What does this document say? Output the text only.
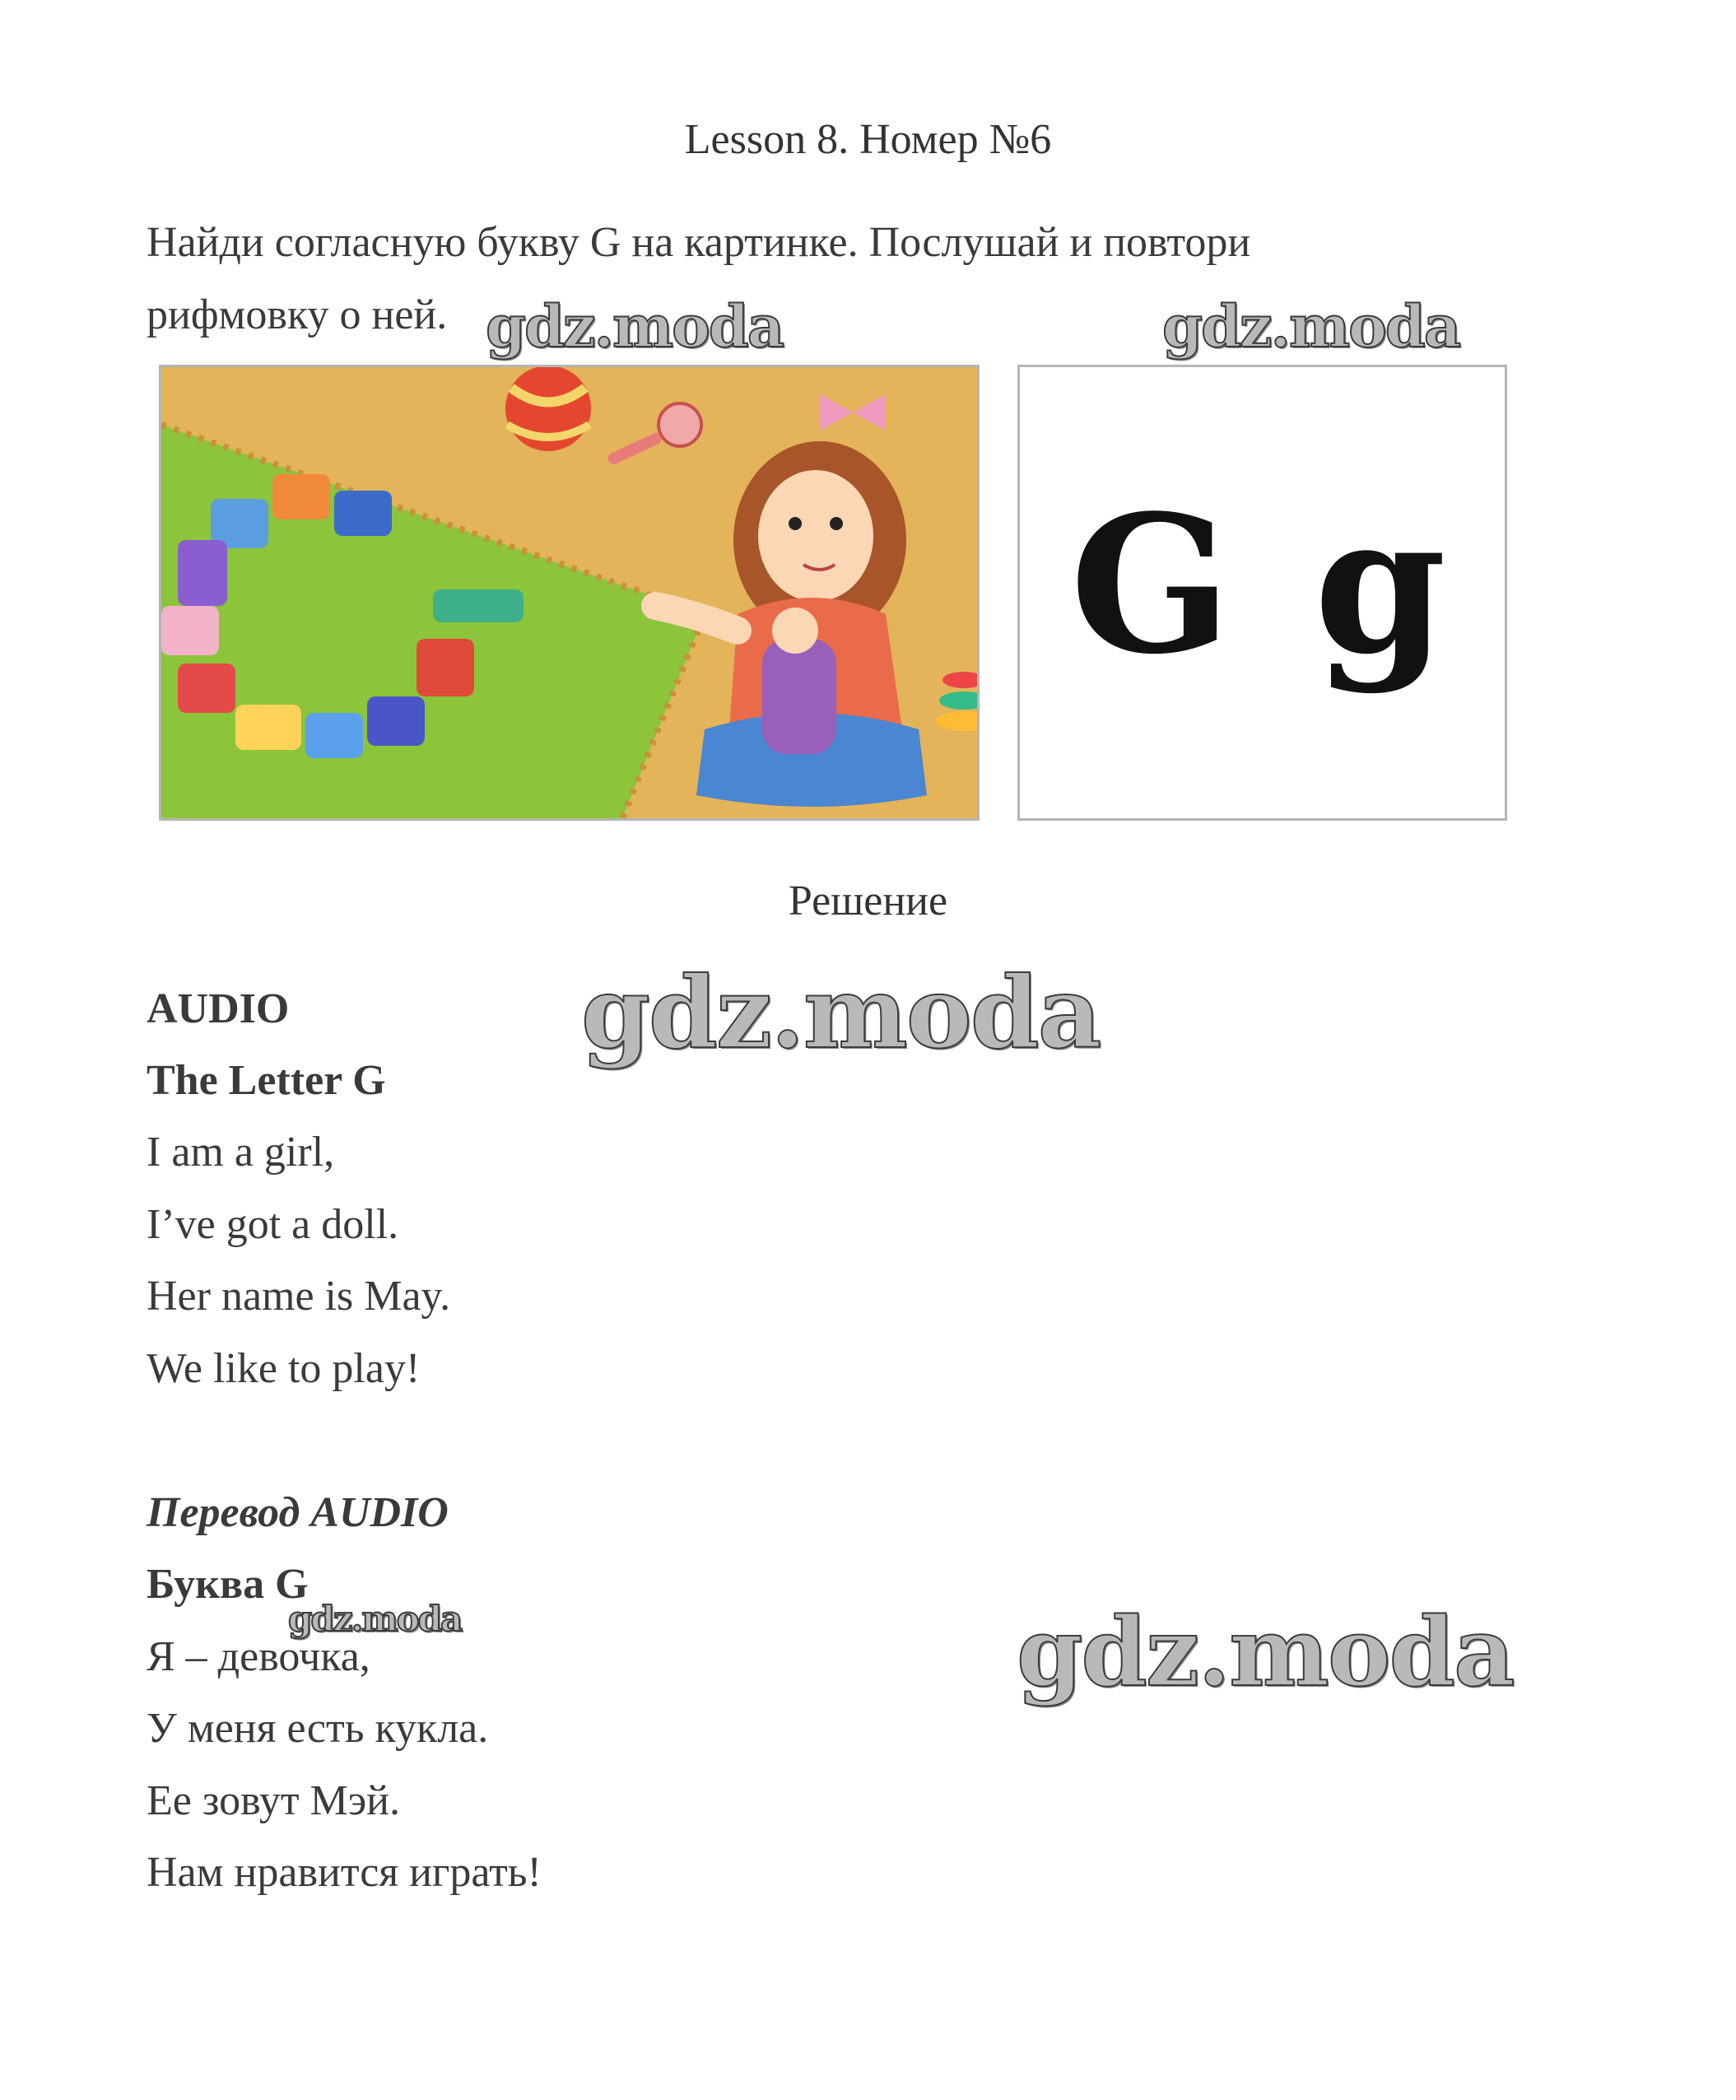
Lesson 8. Номер №6
Найди согласную букву G на картинке. Послушай и повтори
рифмовку о ней.
G g
Решение
AUDIO
The Letter G
I am a girl,
I’ve got a doll.
Her name is May.
We like to play!
Перевод AUDIO
Буква G
Я – девочка,
У меня есть кукла.
Ее зовут Мэй.
Нам нравится играть!
gdz.moda	gdz.moda
gdz.moda
gdz.moda	gdz.moda
